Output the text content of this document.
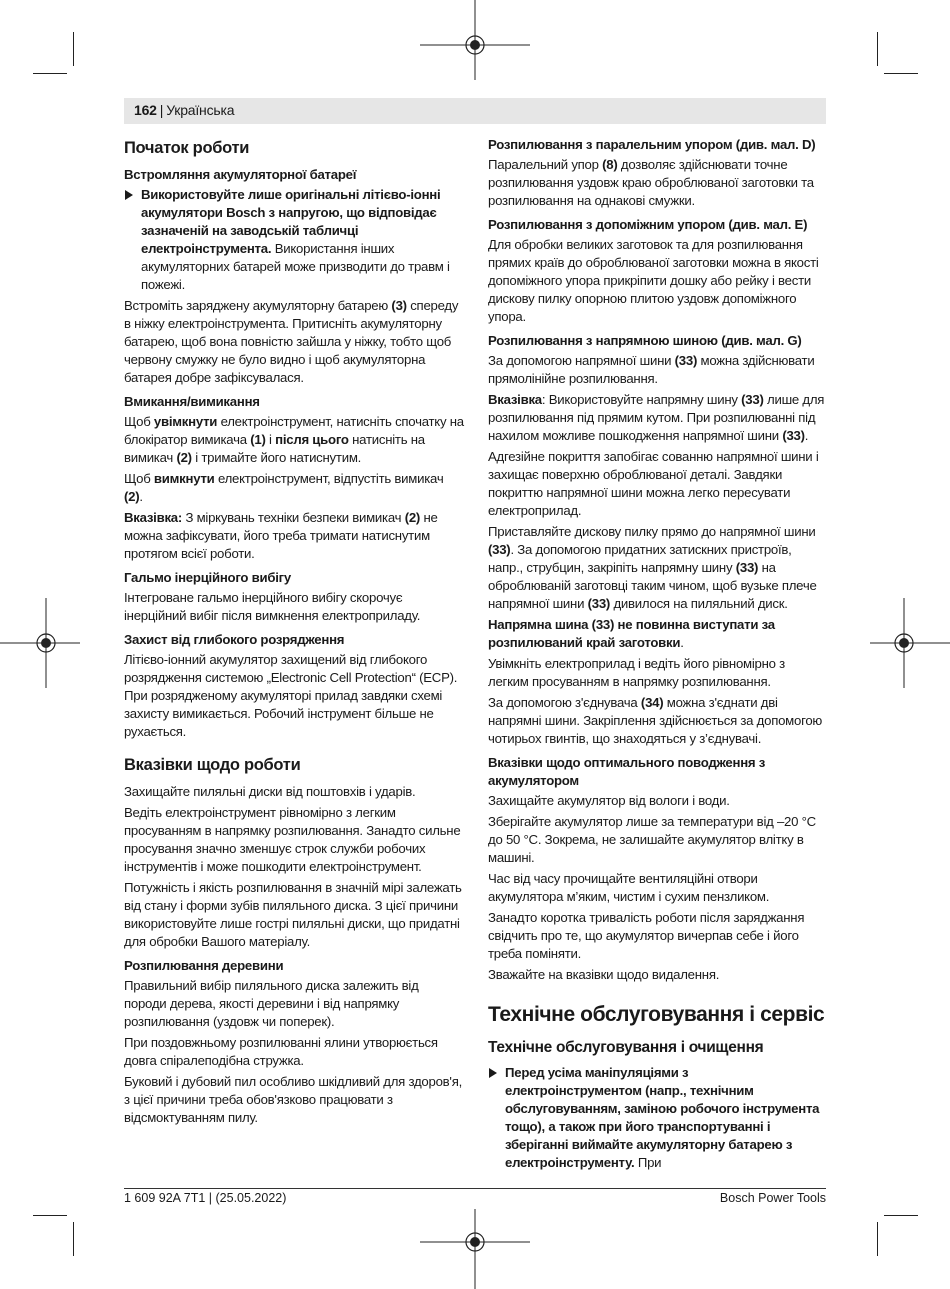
162 | Українська
Початок роботи
Встромляння акумуляторної батареї
Використовуйте лише оригінальні літієво-іонні акумулятори Bosch з напругою, що відповідає зазначеній на заводській табличці електроінструмента. Використання інших акумуляторних батарей може призводити до травм і пожежі.

Встроміть заряджену акумуляторну батарею (3) спереду в ніжку електроінструмента. Притисніть акумуляторну батарею, щоб вона повністю зайшла у ніжку, тобто щоб червону смужку не було видно і щоб акумуляторна батарея добре зафіксувалася.

Вмикання/вимикання

Щоб увімкнути електроінструмент, натисніть спочатку на блокіратор вимикача (1) і після цього натисніть на вимикач (2) і тримайте його натиснутим.

Щоб вимкнути електроінструмент, відпустіть вимикач (2).

Вказівка: З міркувань техніки безпеки вимикач (2) не можна зафіксувати, його треба тримати натиснутим протягом всієї роботи.

Гальмо інерційного вибігу

Інтегроване гальмо інерційного вибігу скорочує інерційний вибіг після вимкнення електроприладу.

Захист від глибокого розрядження

Літієво-іонний акумулятор захищений від глибокого розрядження системою „Electronic Cell Protection“ (ECP). При розрядженому акумуляторі прилад завдяки схемі захисту вимикається. Робочий інструмент більше не рухається.

Вказівки щодо роботи

Захищайте пиляльні диски від поштовхів і ударів.

Ведіть електроінструмент рівномірно з легким просуванням в напрямку розпилювання. Занадто сильне просування значно зменшує строк служби робочих інструментів і може пошкодити електроінструмент.

Потужність і якість розпилювання в значній мірі залежать від стану і форми зубів пиляльного диска. З цієї причини використовуйте лише гострі пиляльні диски, що придатні для обробки Вашого матеріалу.

Розпилювання деревини

Правильний вибір пиляльного диска залежить від породи дерева, якості деревини і від напрямку розпилювання (уздовж чи поперек).

При поздовжньому розпилюванні ялини утворюється довга спіралеподібна стружка.

Буковий і дубовий пил особливо шкідливий для здоров'я, з цієї причини треба обов'язково працювати з відсмоктуванням пилу.

Розпилювання з паралельним упором (див. мал. D)

Паралельний упор (8) дозволяє здійснювати точне розпилювання уздовж краю оброблюваної заготовки та розпилювання на однакові смужки.

Розпилювання з допоміжним упором (див. мал. E)

Для обробки великих заготовок та для розпилювання прямих країв до оброблюваної заготовки можна в якості допоміжного упора прикріпити дошку або рейку і вести дискову пилку опорною плитою уздовж допоміжного упора.

Розпилювання з напрямною шиною (див. мал. G)

За допомогою напрямної шини (33) можна здійснювати прямолінійне розпилювання.

Вказівка: Використовуйте напрямну шину (33) лише для розпилювання під прямим кутом. При розпилюванні під нахилом можливе пошкодження напрямної шини (33).

Адгезійне покриття запобігає сованню напрямної шини і захищає поверхню оброблюваної деталі. Завдяки покриттю напрямної шини можна легко пересувати електроприлад.

Приставляйте дискову пилку прямо до напрямної шини (33). За допомогою придатних затискних пристроїв, напр., струбцин, закріпіть напрямну шину (33) на оброблюваній заготовці таким чином, щоб вузьке плече напрямної шини (33) дивилося на пиляльний диск.

Напрямна шина (33) не повинна виступати за розпилюваний край заготовки.

Увімкніть електроприлад і ведіть його рівномірно з легким просуванням в напрямку розпилювання.

За допомогою з'єднувача (34) можна з'єднати дві напрямні шини. Закріплення здійснюється за допомогою чотирьох гвинтів, що знаходяться у з’єднувачі.

Вказівки щодо оптимального поводження з акумулятором

Захищайте акумулятор від вологи і води.

Зберігайте акумулятор лише за температури від –20 °C до 50 °C. Зокрема, не залишайте акумулятор влітку в машині.

Час від часу прочищайте вентиляційні отвори акумулятора м’яким, чистим і сухим пензликом.

Занадто коротка тривалість роботи після заряджання свідчить про те, що акумулятор вичерпав себе і його треба поміняти.

Зважайте на вказівки щодо видалення.

Технічне обслуговування і сервіс
Технічне обслуговування і очищення
Перед усіма маніпуляціями з електроінструментом (напр., технічним обслуговуванням, заміною робочого інструмента тощо), а також при його транспортуванні і зберіганні виймайте акумуляторну батарею з електроінструменту. При
1 609 92A 7T1 | (25.05.2022)	Bosch Power Tools
